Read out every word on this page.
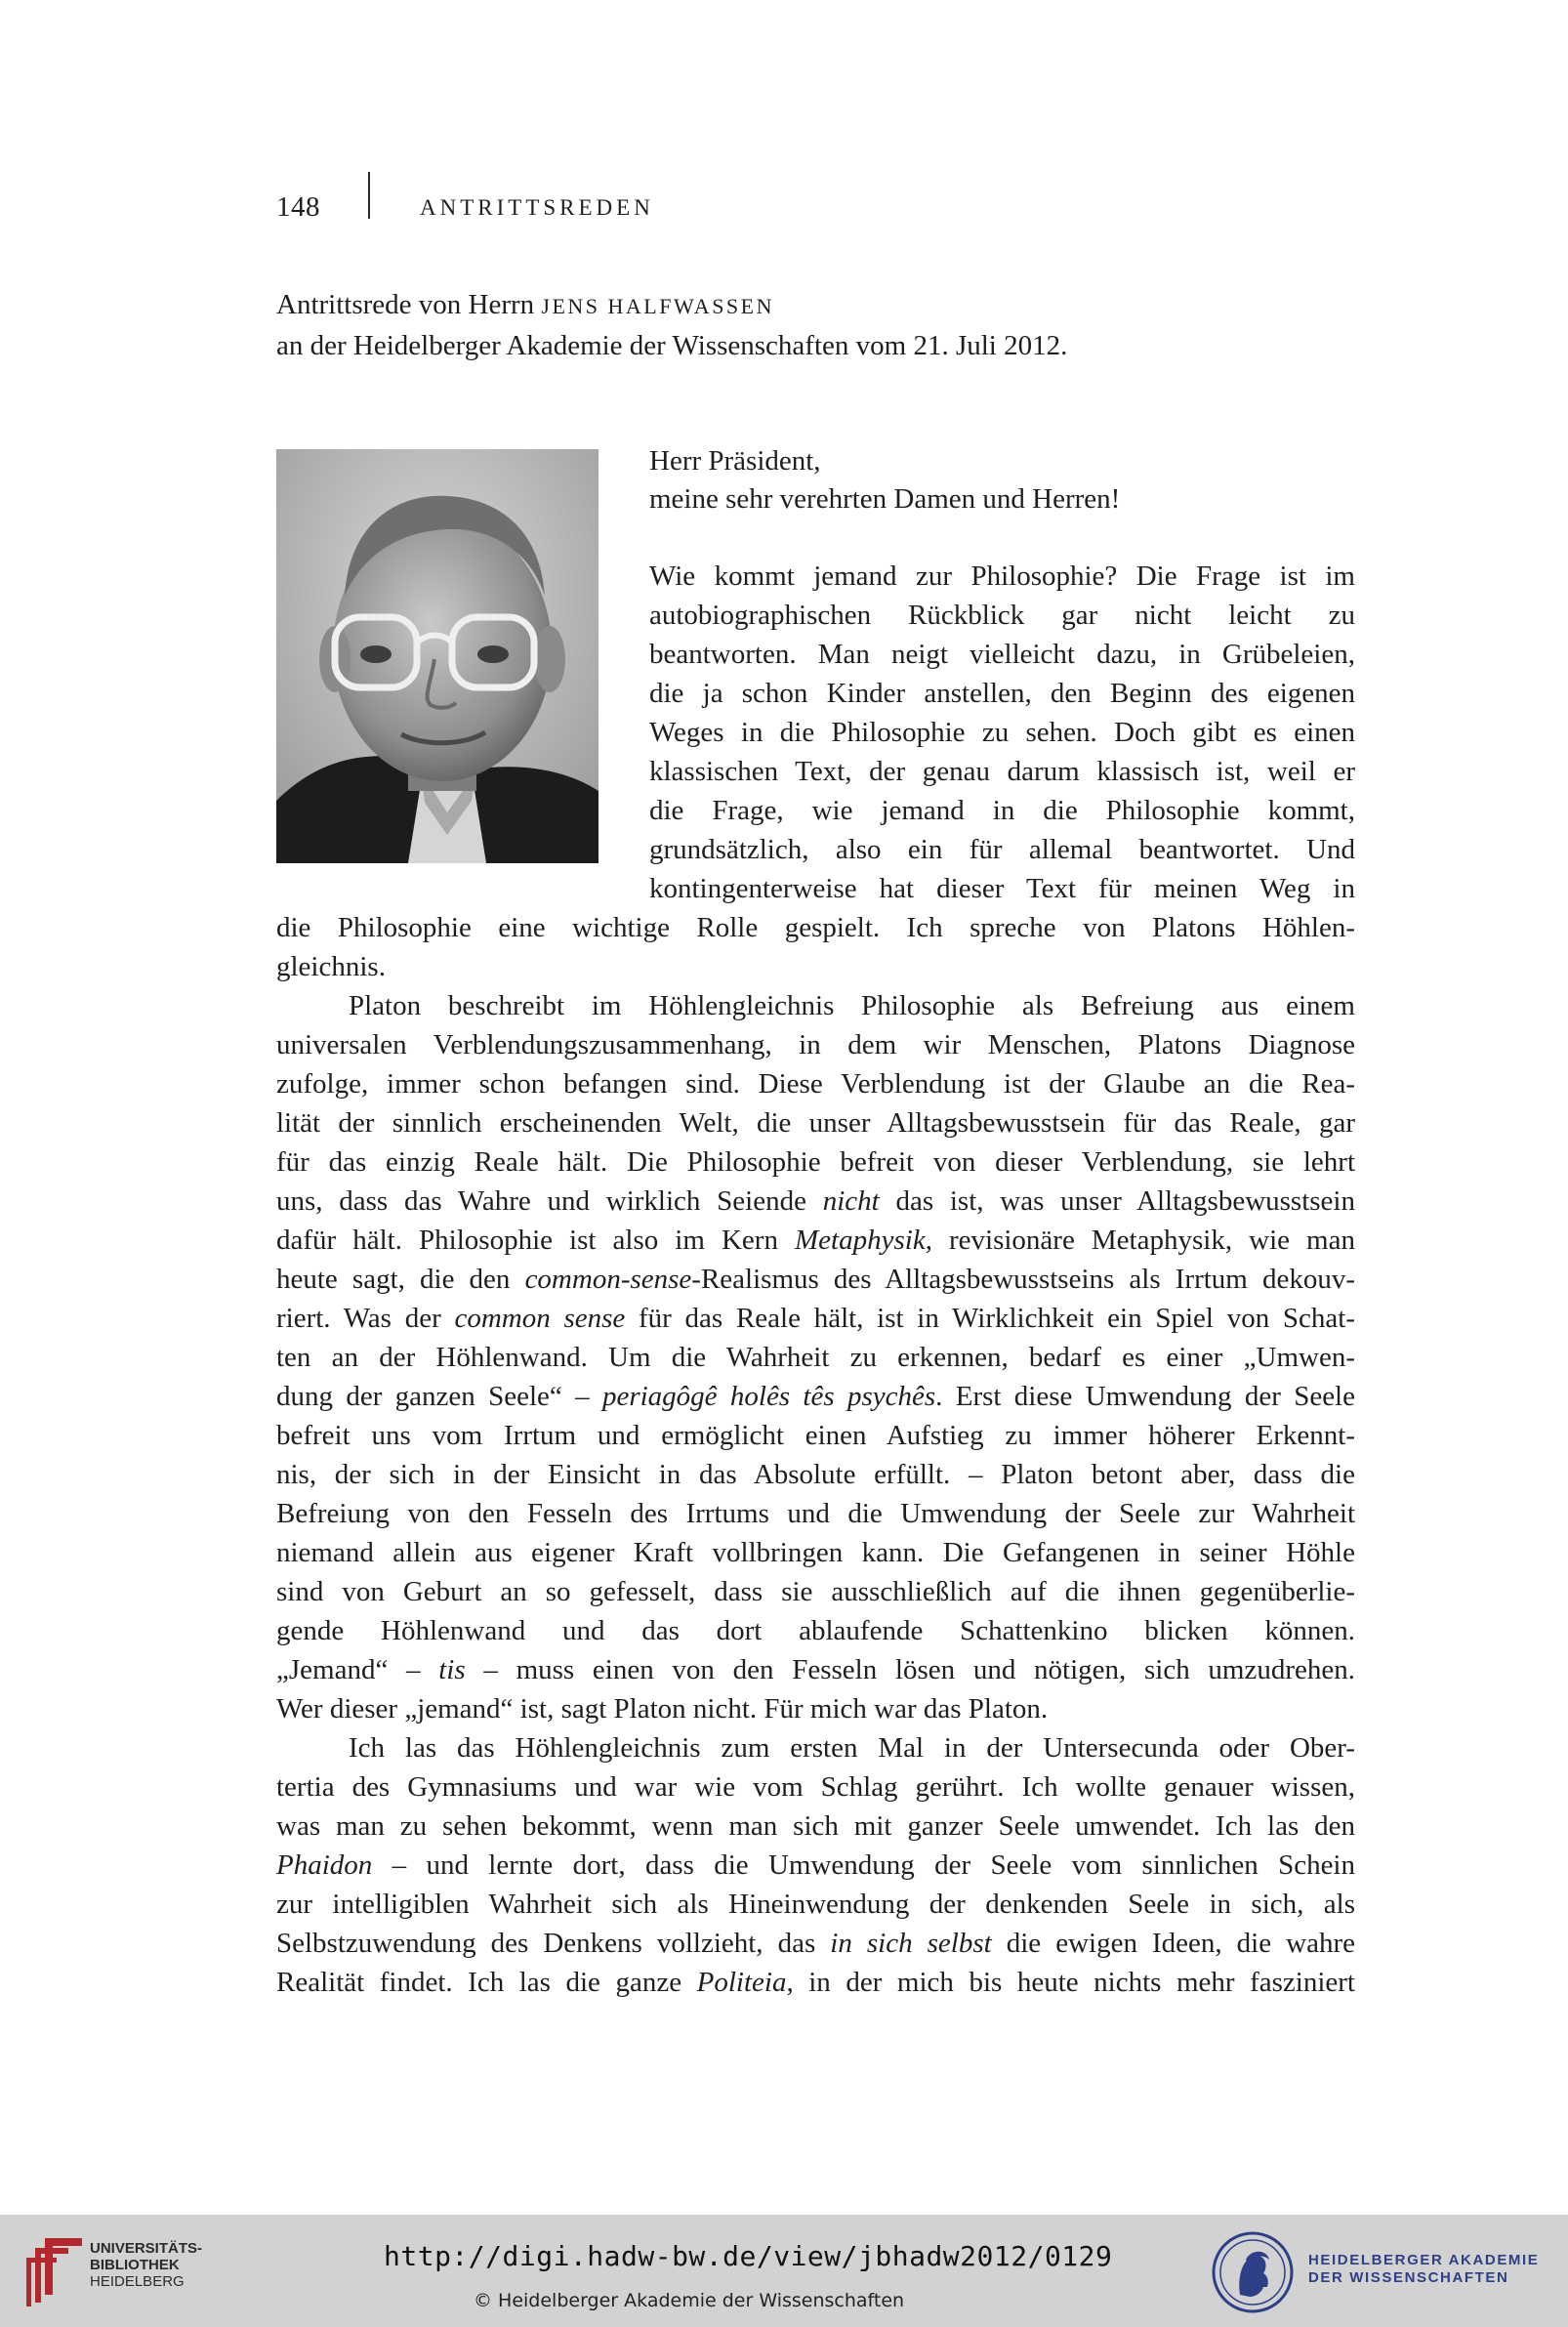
148	ANTRITTSREDEN
Antrittsrede von Herrn JENS HALFWASSEN
an der Heidelberger Akademie der Wissenschaften vom 21. Juli 2012.
Herr Präsident,
meine sehr verehrten Damen und Herren!
Wie kommt jemand zur Philosophie? Die Frage ist im
autobiographischen Rückblick gar nicht leicht zu
beantworten. Man neigt vielleicht dazu, in Grübeleien,
die ja schon Kinder anstellen, den Beginn des eigenen
Weges in die Philosophie zu sehen. Doch gibt es einen
klassischen Text, der genau darum klassisch ist, weil er
die Frage, wie jemand in die Philosophie kommt,
grundsätzlich, also ein für allemal beantwortet. Und
kontingenterweise hat dieser Text für meinen Weg in
die Philosophie eine wichtige Rolle gespielt. Ich spreche von Platons Höhlen-
gleichnis.
Platon beschreibt im Höhlengleichnis Philosophie als Befreiung aus einem
universalen Verblendungszusammenhang, in dem wir Menschen, Platons Diagnose
zufolge, immer schon befangen sind. Diese Verblendung ist der Glaube an die Rea-
lität der sinnlich erscheinenden Welt, die unser Alltagsbewusstsein für das Reale, gar
für das einzig Reale hält. Die Philosophie befreit von dieser Verblendung, sie lehrt
uns, dass das Wahre und wirklich Seiende nicht das ist, was unser Alltagsbewusstsein
dafür hält. Philosophie ist also im Kern Metaphysik, revisionäre Metaphysik, wie man
heute sagt, die den common-sense-Realismus des Alltagsbewusstseins als Irrtum dekouv-
riert. Was der common sense für das Reale hält, ist in Wirklichkeit ein Spiel von Schat-
ten an der Höhlenwand. Um die Wahrheit zu erkennen, bedarf es einer „Umwen-
dung der ganzen Seele“ – periagôgê holês tês psychês. Erst diese Umwendung der Seele
befreit uns vom Irrtum und ermöglicht einen Aufstieg zu immer höherer Erkennt-
nis, der sich in der Einsicht in das Absolute erfüllt. – Platon betont aber, dass die
Befreiung von den Fesseln des Irrtums und die Umwendung der Seele zur Wahrheit
niemand allein aus eigener Kraft vollbringen kann. Die Gefangenen in seiner Höhle
sind von Geburt an so gefesselt, dass sie ausschließlich auf die ihnen gegenüberlie-
gende Höhlenwand und das dort ablaufende Schattenkino blicken können.
„Jemand“ – tis – muss einen von den Fesseln lösen und nötigen, sich umzudrehen.
Wer dieser „jemand“ ist, sagt Platon nicht. Für mich war das Platon.
Ich las das Höhlengleichnis zum ersten Mal in der Untersecunda oder Ober-
tertia des Gymnasiums und war wie vom Schlag gerührt. Ich wollte genauer wissen,
was man zu sehen bekommt, wenn man sich mit ganzer Seele umwendet. Ich las den
Phaidon – und lernte dort, dass die Umwendung der Seele vom sinnlichen Schein
zur intelligiblen Wahrheit sich als Hineinwendung der denkenden Seele in sich, als
Selbstzuwendung des Denkens vollzieht, das in sich selbst die ewigen Ideen, die wahre
Realität findet. Ich las die ganze Politeia, in der mich bis heute nichts mehr fasziniert
UNIVERSITÄTS-
BIBLIOTHEK
HEIDELBERG
http://digi.hadw-bw.de/view/jbhadw2012/0129
© Heidelberger Akademie der Wissenschaften
HEIDELBERGER AKADEMIE
DER WISSENSCHAFTEN
